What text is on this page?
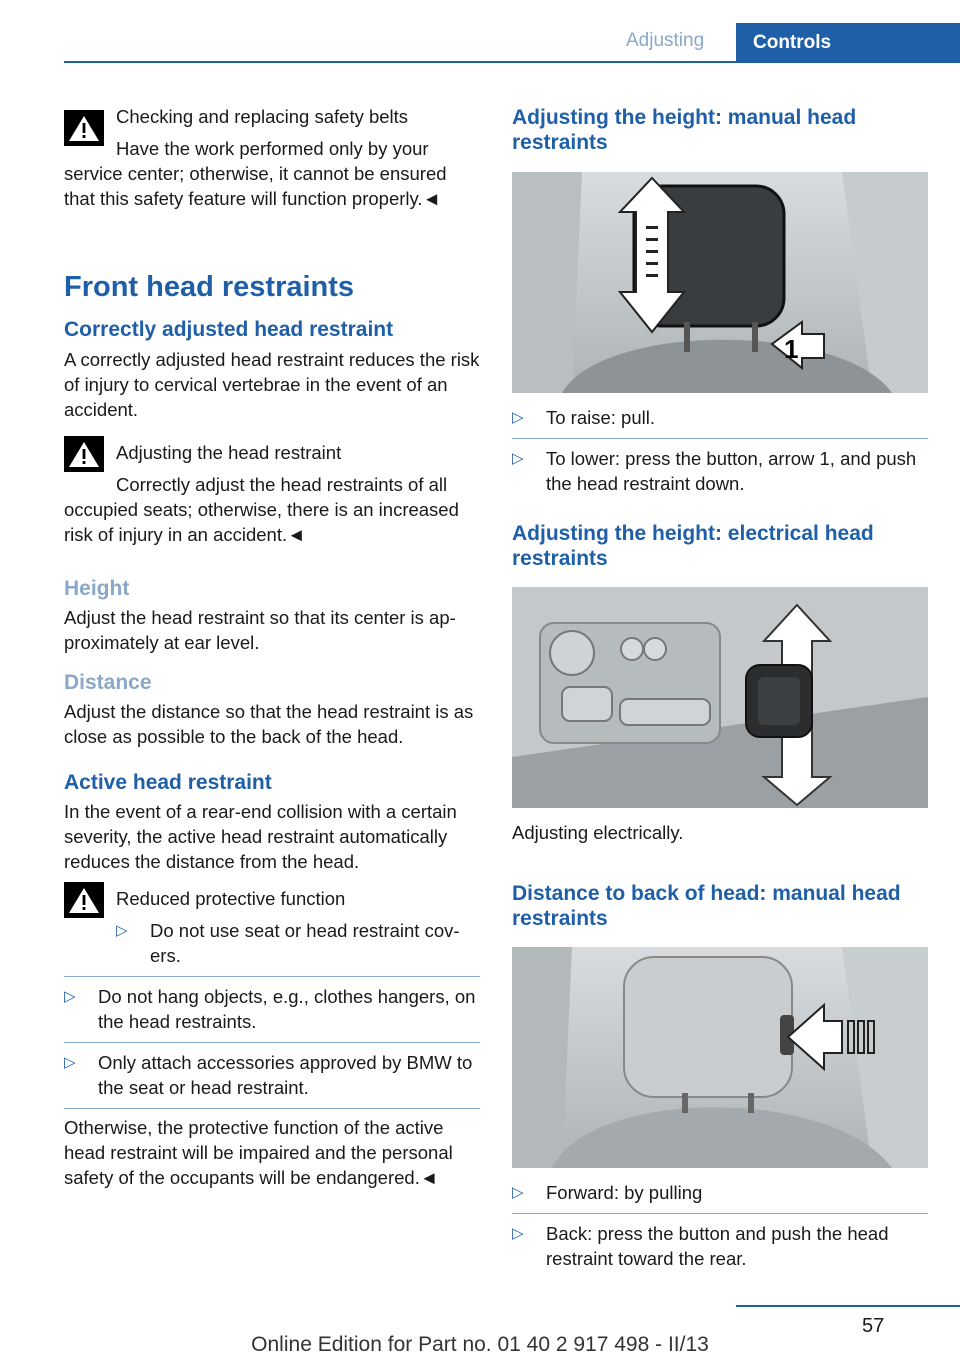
Adjusting	Controls

Checking and replacing safety belts

Have the work performed only by your

service center; otherwise, it cannot be ensured that this safety feature will function properly.◄

Front head restraints
Correctly adjusted head restraint

A correctly adjusted head restraint reduces the risk of injury to cervical vertebrae in the event of an accident.

Adjusting the head restraint

Correctly adjust the head restraints of all

occupied seats; otherwise, there is an increased risk of injury in an accident.◄

Height

Adjust the head restraint so that its center is approximately at ear level.

Distance

Adjust the distance so that the head restraint is as close as possible to the back of the head.

Active head restraint

In the event of a rear-end collision with a certain severity, the active head restraint automatically reduces the distance from the head.

Reduced protective function

▷ Do not use seat or head restraint covers.
▷ Do not hang objects, e.g., clothes hangers, on the head restraints.
▷ Only attach accessories approved by BMW to the seat or head restraint.

Otherwise, the protective function of the active head restraint will be impaired and the personal safety of the occupants will be endangered.◄

Adjusting the height: manual head restraints
1
▷ To raise: pull.
▷ To lower: press the button, arrow 1, and push the head restraint down.
Adjusting the height: electrical head restraints

Adjusting electrically.

Distance to back of head: manual head restraints
▷ Forward: by pulling
▷ Back: press the button and push the head restraint toward the rear.
57
Online Edition for Part no. 01 40 2 917 498 - II/13
